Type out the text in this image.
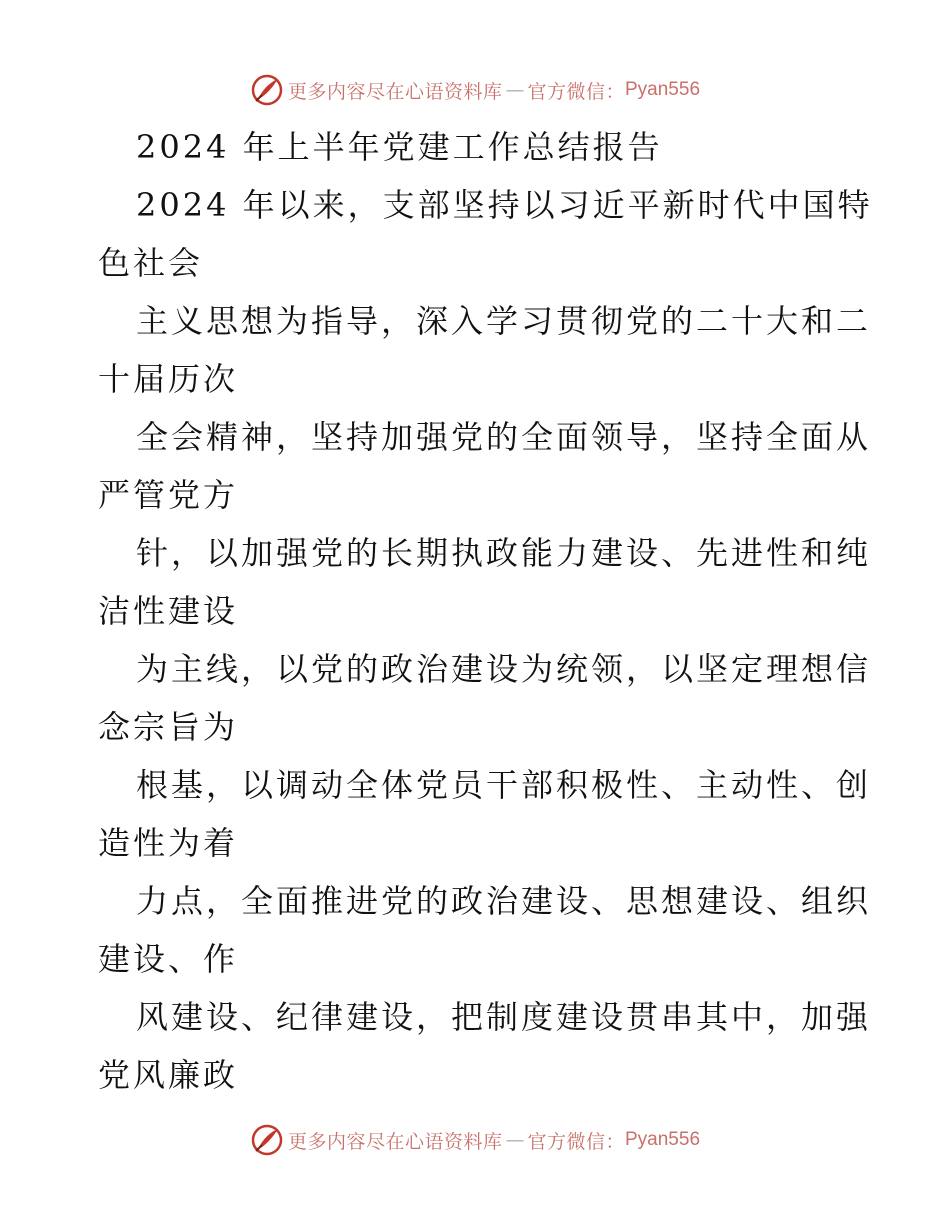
更多内容尽在心语资料库 — 官方微信： Pyan556
2024 年上半年党建工作总结报告
2024 年以来，支部坚持以习近平新时代中国特
色社会
主义思想为指导，深入学习贯彻党的二十大和二
十届历次
全会精神，坚持加强党的全面领导，坚持全面从
严管党方
针，以加强党的长期执政能力建设、先进性和纯
洁性建设
为主线，以党的政治建设为统领，以坚定理想信
念宗旨为
根基，以调动全体党员干部积极性、主动性、创
造性为着
力点，全面推进党的政治建设、思想建设、组织
建设、作
风建设、纪律建设，把制度建设贯串其中，加强
党风廉政
更多内容尽在心语资料库 — 官方微信： Pyan556
